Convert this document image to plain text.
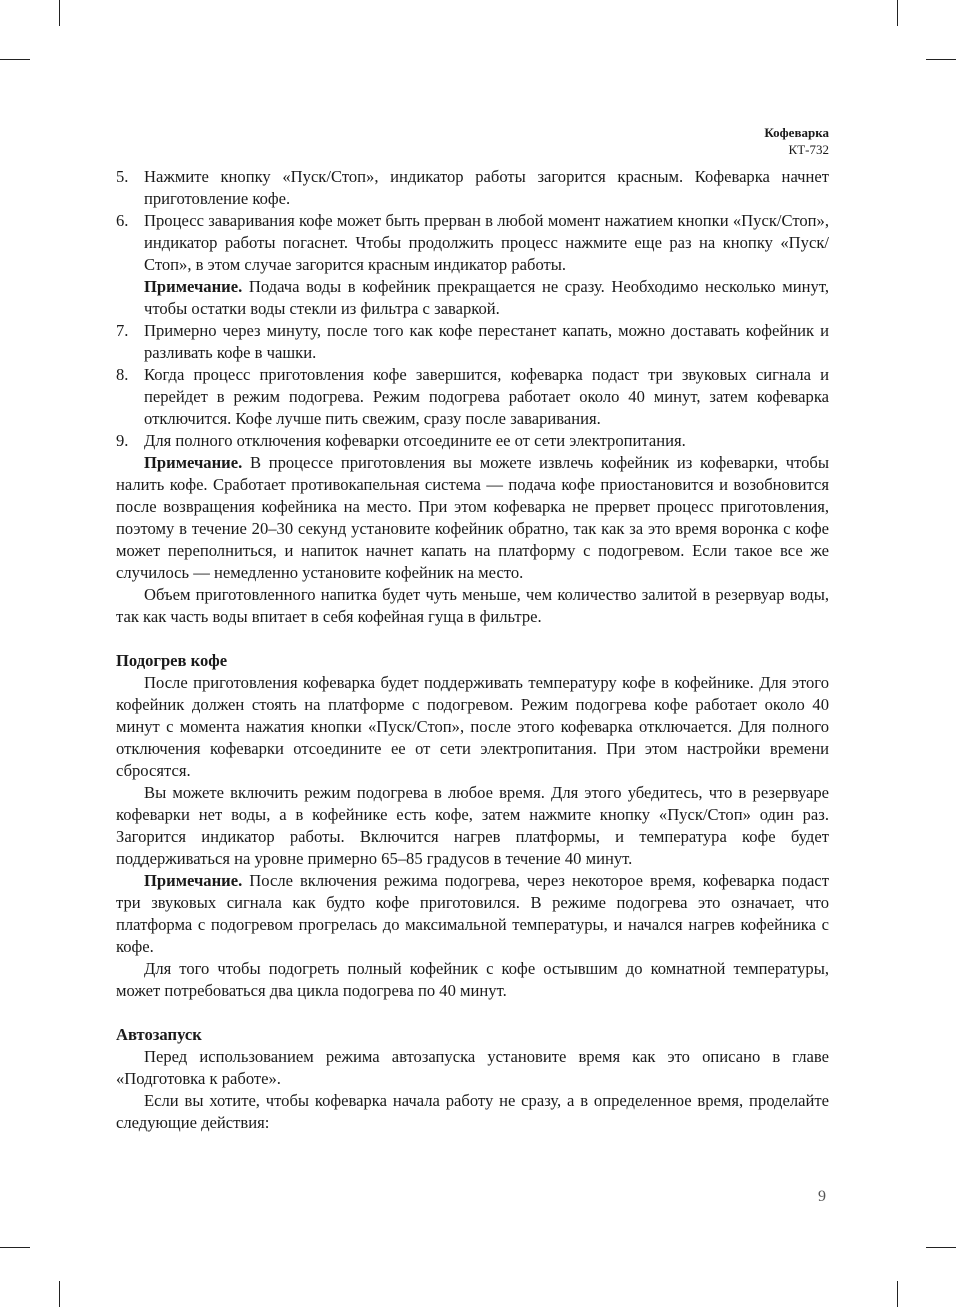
Кофеварка
КТ-732
5. Нажмите кнопку «Пуск/Стоп», индикатор работы загорится красным. Кофеварка начнет приготовление кофе.

6. Процесс заваривания кофе может быть прерван в любой момент нажатием кнопки «Пуск/Стоп», индикатор работы погаснет. Чтобы продолжить процесс нажмите еще раз на кнопку «Пуск/Стоп», в этом случае загорится красным индикатор работы.

Примечание. Подача воды в кофейник прекращается не сразу. Необходимо несколько минут, чтобы остатки воды стекли из фильтра с заваркой.

7. Примерно через минуту, после того как кофе перестанет капать, можно доставать кофейник и разливать кофе в чашки.

8. Когда процесс приготовления кофе завершится, кофеварка подаст три звуковых сигнала и перейдет в режим подогрева. Режим подогрева работает около 40 минут, затем кофеварка отключится. Кофе лучше пить свежим, сразу после заваривания.

9. Для полного отключения кофеварки отсоедините ее от сети электропитания.

Примечание. В процессе приготовления вы можете извлечь кофейник из кофеварки, чтобы налить кофе. Сработает противокапельная система — подача кофе приостановится и возобновится после возвращения кофейника на место. При этом кофеварка не прервет процесс приготовления, поэтому в течение 20–30 секунд установите кофейник обратно, так как за это время воронка с кофе может переполниться, и напиток начнет капать на платформу с подогревом. Если такое все же случилось — немедленно установите кофейник на место.

Объем приготовленного напитка будет чуть меньше, чем количество залитой в резервуар воды, так как часть воды впитает в себя кофейная гуща в фильтре.

Подогрев кофе

После приготовления кофеварка будет поддерживать температуру кофе в кофейнике. Для этого кофейник должен стоять на платформе с подогревом. Режим подогрева кофе работает около 40 минут с момента нажатия кнопки «Пуск/Стоп», после этого кофеварка отключается. Для полного отключения кофеварки отсоедините ее от сети электропитания. При этом настройки времени сбросятся.

Вы можете включить режим подогрева в любое время. Для этого убедитесь, что в резервуаре кофеварки нет воды, а в кофейнике есть кофе, затем нажмите кнопку «Пуск/Стоп» один раз. Загорится индикатор работы. Включится нагрев платформы, и температура кофе будет поддерживаться на уровне примерно 65–85 градусов в течение 40 минут.

Примечание. После включения режима подогрева, через некоторое время, кофеварка подаст три звуковых сигнала как будто кофе приготовился. В режиме подогрева это означает, что платформа с подогревом прогрелась до максимальной температуры, и начался нагрев кофейника с кофе.

Для того чтобы подогреть полный кофейник с кофе остывшим до комнатной температуры, может потребоваться два цикла подогрева по 40 минут.

Автозапуск

Перед использованием режима автозапуска установите время как это описано в главе «Подготовка к работе».

Если вы хотите, чтобы кофеварка начала работу не сразу, а в определенное время, проделайте следующие действия:

9
